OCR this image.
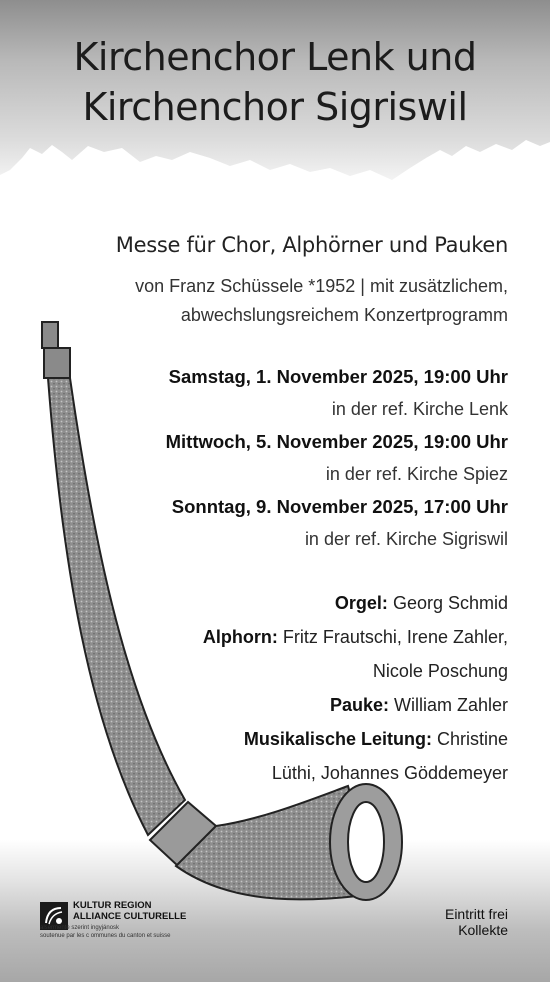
Kirchenchor Lenk und
Kirchenchor Sigriswil
Messe für Chor, Alphörner und Pauken
von Franz Schüssele *1952 | mit zusätzlichem,
abwechslungsreichem Konzertprogramm
Samstag, 1. November 2025, 19:00 Uhr
in der ref. Kirche Lenk
Mittwoch, 5. November 2025, 19:00 Uhr
in der ref. Kirche Spiez
Sonntag, 9. November 2025, 17:00 Uhr
in der ref. Kirche Sigriswil
Orgel: Georg Schmid
Alphorn: Fritz Frautschi, Irene Zahler,
Nicole Poschung
Pauke: William Zahler
Musikalische Leitung: Christine
Lüthi, Johannes Göddemeyer
KULTUR REGION
ALLIANCE CULTURELLE
alsérmente szerint ingyjánosk
soutenue par les c ommunes du canton et suisse
Eintritt frei
Kollekte
